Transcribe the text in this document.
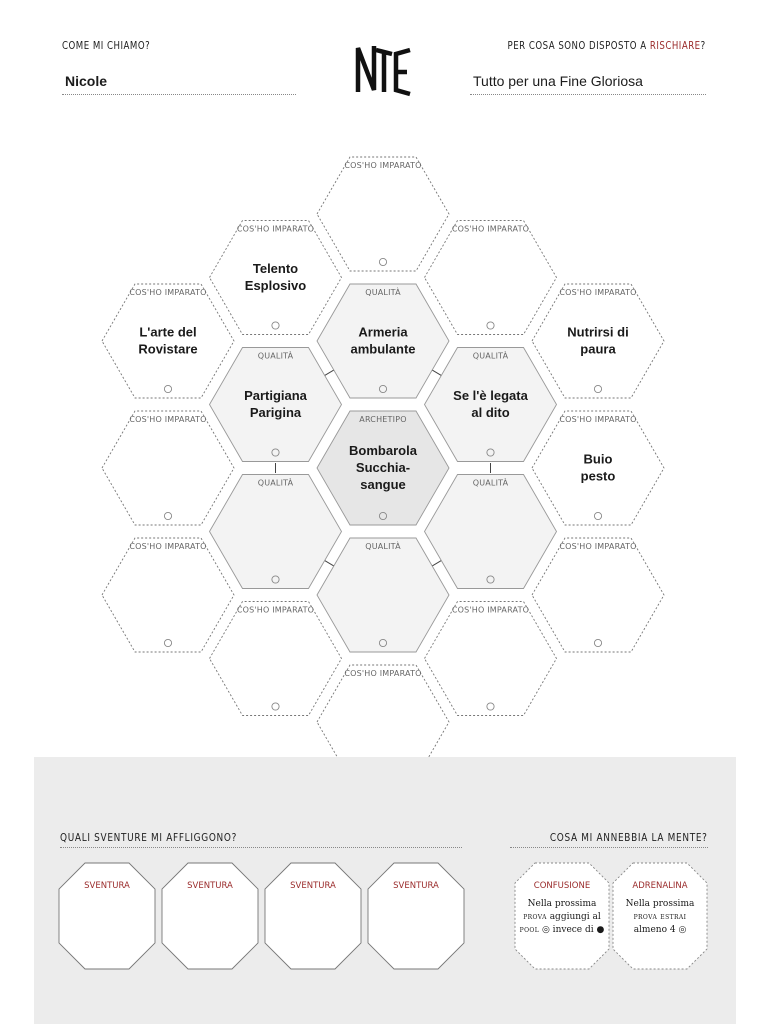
COME MI CHIAMO?
Nicole
PER COSA SONO DISPOSTO A RISCHIARE?
Tutto per una Fine Gloriosa
COS'HO IMPARATO
COS'HO IMPARATO
Telento
Esplosivo
COS'HO IMPARATO
COS'HO IMPARATO
L'arte del
Rovistare
QUALITÀ
Armeria
ambulante
COS'HO IMPARATO
Nutrirsi di
paura
QUALITÀ
Partigiana
Parigina
QUALITÀ
Se l'è legata
al dito
COS'HO IMPARATO	ARCHETIPO
Bombarola
Succhia-
sangue
COS'HO IMPARATO
Buio
pesto
QUALITÀ	QUALITÀ
COS'HO IMPARATO	QUALITÀ	COS'HO IMPARATO
COS'HO IMPARATO	COS'HO IMPARATO
COS'HO IMPARATO
QUALI SVENTURE MI AFFLIGGONO?	COSA MI ANNEBBIA LA MENTE?
SVENTURA	SVENTURA	SVENTURA	SVENTURA	CONFUSIONE
Nella prossima
prova aggiungi al
pool ◎ invece di ●
ADRENALINA
Nella prossima
prova estrai
almeno 4 ◎
